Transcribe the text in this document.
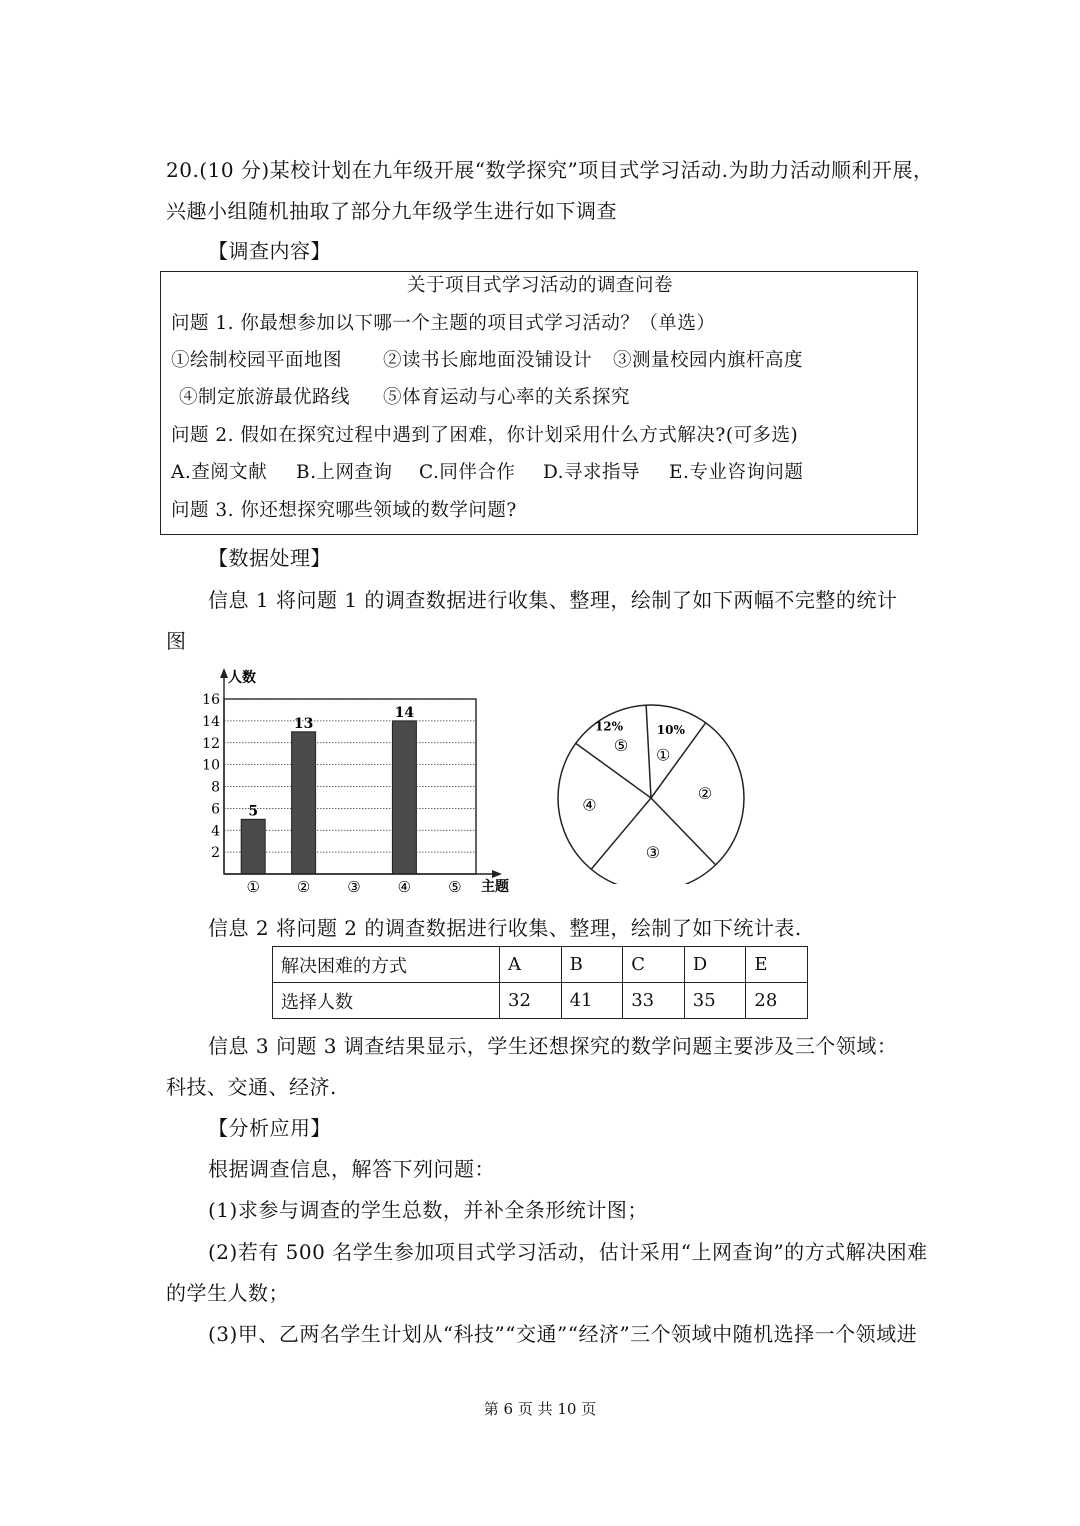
20.(10 分)某校计划在九年级开展“数学探究”项目式学习活动.为助力活动顺利开展，
兴趣小组随机抽取了部分九年级学生进行如下调查
【调查内容】
关于项目式学习活动的调查问卷
问题 1. 你最想参加以下哪一个主题的项目式学习活动？（单选）
①绘制校园平面地图 ②读书长廊地面没铺设计 ③测量校园内旗杆高度
④制定旅游最优路线 ⑤体育运动与心率的关系探究
问题 2. 假如在探究过程中遇到了困难，你计划采用什么方式解决?(可多选)
A.查阅文献 B.上网查询 C.同伴合作 D.寻求指导 E.专业咨询问题
问题 3. 你还想探究哪些领域的数学问题?
【数据处理】
信息 1 将问题 1 的调查数据进行收集、整理，绘制了如下两幅不完整的统计
图
5
13
14
2
4
6
8
10
12
14
16
人数
主题
① ② ③ ④ ⑤
①
10%
②
③
④
⑤
12%
信息 2 将问题 2 的调查数据进行收集、整理，绘制了如下统计表.
解决困难的方式	A	B	C	D	E
选择人数	32	41	33	35	28
信息 3 问题 3 调查结果显示，学生还想探究的数学问题主要涉及三个领域：
科技、交通、经济.
【分析应用】
根据调查信息，解答下列问题：
(1)求参与调查的学生总数，并补全条形统计图；
(2)若有 500 名学生参加项目式学习活动，估计采用“上网查询”的方式解决困难
的学生人数；
(3)甲、乙两名学生计划从“科技”“交通”“经济”三个领域中随机选择一个领域进
第 6 页 共 10 页
